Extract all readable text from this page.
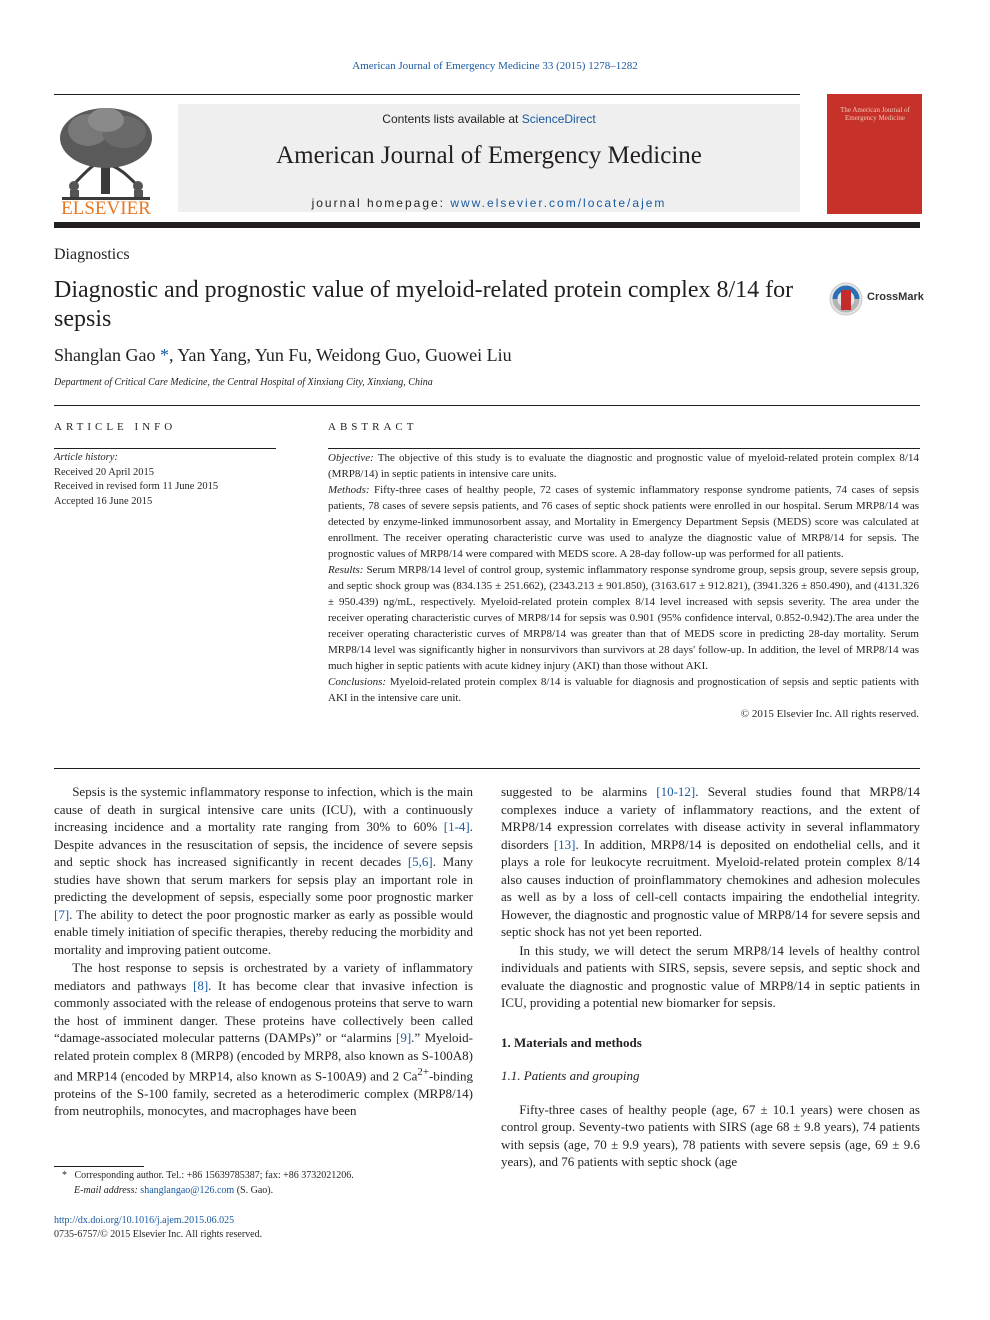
American Journal of Emergency Medicine 33 (2015) 1278–1282
ELSEVIER
Contents lists available at ScienceDirect
American Journal of Emergency Medicine
journal homepage: www.elsevier.com/locate/ajem
The American Journal of Emergency Medicine
Diagnostics
Diagnostic and prognostic value of myeloid-related protein complex 8/14 for sepsis
CrossMark
Shanglan Gao *, Yan Yang, Yun Fu, Weidong Guo, Guowei Liu
Department of Critical Care Medicine, the Central Hospital of Xinxiang City, Xinxiang, China
ARTICLE INFO
Article history:
Received 20 April 2015
Received in revised form 11 June 2015
Accepted 16 June 2015
ABSTRACT

Objective: The objective of this study is to evaluate the diagnostic and prognostic value of myeloid-related protein complex 8/14 (MRP8/14) in septic patients in intensive care units.

Methods: Fifty-three cases of healthy people, 72 cases of systemic inflammatory response syndrome patients, 74 cases of sepsis patients, 78 cases of severe sepsis patients, and 76 cases of septic shock patients were enrolled in our hospital. Serum MRP8/14 was detected by enzyme-linked immunosorbent assay, and Mortality in Emergency Department Sepsis (MEDS) score was calculated at enrollment. The receiver operating characteristic curve was used to analyze the diagnostic value of MRP8/14 for sepsis. The prognostic values of MRP8/14 were compared with MEDS score. A 28-day follow-up was performed for all patients.

Results: Serum MRP8/14 level of control group, systemic inflammatory response syndrome group, sepsis group, severe sepsis group, and septic shock group was (834.135 ± 251.662), (2343.213 ± 901.850), (3163.617 ± 912.821), (3941.326 ± 850.490), and (4131.326 ± 950.439) ng/mL, respectively. Myeloid-related protein complex 8/14 level increased with sepsis severity. The area under the receiver operating characteristic curves of MRP8/14 for sepsis was 0.901 (95% confidence interval, 0.852-0.942).The area under the receiver operating characteristic curves of MRP8/14 was greater than that of MEDS score in predicting 28-day mortality. Serum MRP8/14 level was significantly higher in nonsurvivors than survivors at 28 days' follow-up. In addition, the level of MRP8/14 was much higher in septic patients with acute kidney injury (AKI) than those without AKI.

Conclusions: Myeloid-related protein complex 8/14 is valuable for diagnosis and prognostication of sepsis and septic patients with AKI in the intensive care unit.

© 2015 Elsevier Inc. All rights reserved.

Sepsis is the systemic inflammatory response to infection, which is the main cause of death in surgical intensive care units (ICU), with a continuously increasing incidence and a mortality rate ranging from 30% to 60% [1-4]. Despite advances in the resuscitation of sepsis, the incidence of severe sepsis and septic shock has increased significantly in recent decades [5,6]. Many studies have shown that serum markers for sepsis play an important role in predicting the development of sepsis, especially some poor prognostic marker [7]. The ability to detect the poor prognostic marker as early as possible would enable timely initiation of specific therapies, thereby reducing the morbidity and mortality and improving patient outcome.

The host response to sepsis is orchestrated by a variety of inflammatory mediators and pathways [8]. It has become clear that invasive infection is commonly associated with the release of endogenous proteins that serve to warn the host of imminent danger. These proteins have collectively been called “damage-associated molecular patterns (DAMPs)” or “alarmins [9].” Myeloid-related protein complex 8 (MRP8) (encoded by MRP8, also known as S-100A8) and MRP14 (encoded by MRP14, also known as S-100A9) and 2 $Ca^{2+}$-binding proteins of the S-100 family, secreted as a heterodimeric complex (MRP8/14) from neutrophils, monocytes, and macrophages have been

suggested to be alarmins [10-12]. Several studies found that MRP8/14 complexes induce a variety of inflammatory reactions, and the extent of MRP8/14 expression correlates with disease activity in several inflammatory disorders [13]. In addition, MRP8/14 is deposited on endothelial cells, and it plays a role for leukocyte recruitment. Myeloid-related protein complex 8/14 also causes induction of proinflammatory chemokines and adhesion molecules as well as by a loss of cell-cell contacts impairing the endothelial integrity. However, the diagnostic and prognostic value of MRP8/14 for severe sepsis and septic shock has not yet been reported.

In this study, we will detect the serum MRP8/14 levels of healthy control individuals and patients with SIRS, sepsis, severe sepsis, and septic shock and evaluate the diagnostic and prognostic value of MRP8/14 in septic patients in ICU, providing a potential new biomarker for sepsis.

1. Materials and methods

1.1. Patients and grouping

Fifty-three cases of healthy people (age, 67 ± 10.1 years) were chosen as control group. Seventy-two patients with SIRS (age 68 ± 9.8 years), 74 patients with sepsis (age, 70 ± 9.9 years), 78 patients with severe sepsis (age, 69 ± 9.6 years), and 76 patients with septic shock (age

* Corresponding author. Tel.: +86 15639785387; fax: +86 3732021206.
E-mail address: shanglangao@126.com (S. Gao).
http://dx.doi.org/10.1016/j.ajem.2015.06.025
0735-6757/© 2015 Elsevier Inc. All rights reserved.
